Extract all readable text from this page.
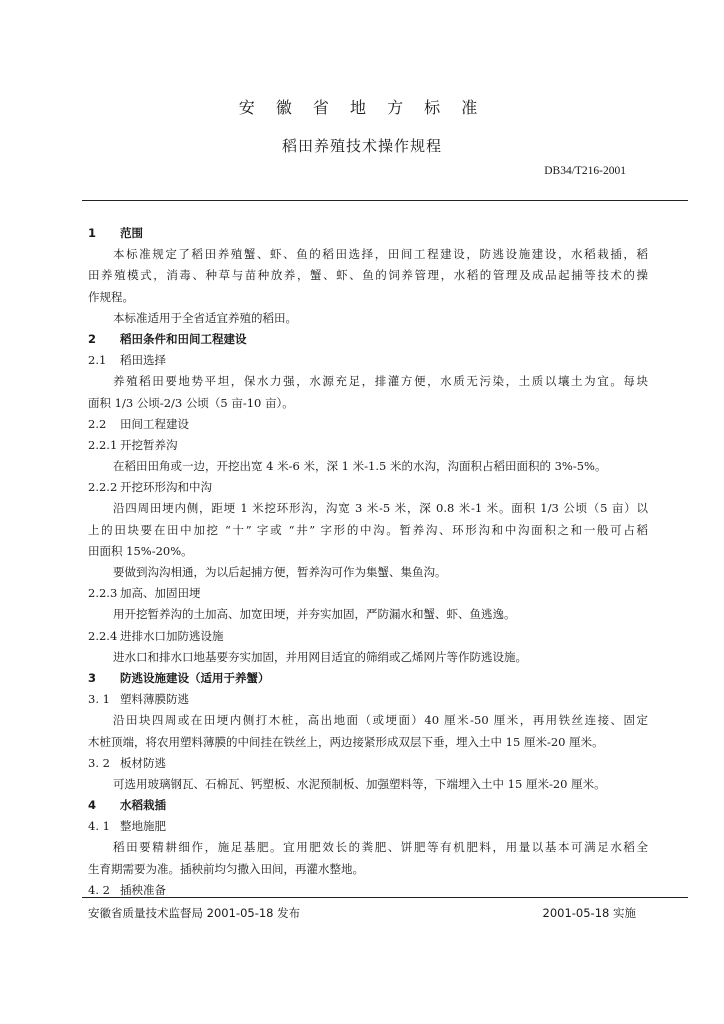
安 徽 省 地 方 标 准
稻田养殖技术操作规程
DB34/T216-2001
1 范围
本标准规定了稻田养殖蟹、虾、鱼的稻田选择，田间工程建设，防逃设施建设，水稻栽插，稻
田养殖模式，消毒、种草与苗种放养，蟹、虾、鱼的饲养管理，水稻的管理及成品起捕等技术的操
作规程。
本标准适用于全省适宜养殖的稻田。
2 稻田条件和田间工程建设
2.1 稻田选择
养殖稻田要地势平坦，保水力强，水源充足，排灌方便，水质无污染，土质以壤土为宜。每块
面积 1/3 公顷-2/3 公顷（5 亩-10 亩）。
2.2 田间工程建设
2.2.1 开挖暂养沟
在稻田田角或一边，开挖出宽 4 米-6 米，深 1 米-1.5 米的水沟，沟面积占稻田面积的 3%-5%。
2.2.2 开挖环形沟和中沟
沿四周田埂内侧，距埂 1 米挖环形沟，沟宽 3 米-5 米，深 0.8 米-1 米。面积 1/3 公顷（5 亩）以
上的田块要在田中加挖 “十” 字或 “井” 字形的中沟。暂养沟、环形沟和中沟面积之和一般可占稻
田面积 15%-20%。
要做到沟沟相通，为以后起捕方便，暂养沟可作为集蟹、集鱼沟。
2.2.3 加高、加固田埂
用开挖暂养沟的土加高、加宽田埂，并夯实加固，严防漏水和蟹、虾、鱼逃逸。
2.2.4 进排水口加防逃设施
进水口和排水口地基要夯实加固，并用网目适宜的筛绢或乙烯网片等作防逃设施。
3 防逃设施建设（适用于养蟹）
3. 1 塑料薄膜防逃
沿田块四周或在田埂内侧打木桩，高出地面（或埂面）40 厘米-50 厘米，再用铁丝连接、固定
木桩顶端，将农用塑料薄膜的中间挂在铁丝上，两边接紧形成双层下垂，埋入土中 15 厘米-20 厘米。
3. 2 板材防逃
可选用玻璃钢瓦、石棉瓦、钙塑板、水泥预制板、加强塑料等，下端埋入土中 15 厘米-20 厘米。
4 水稻栽插
4. 1 整地施肥
稻田要精耕细作，施足基肥。宜用肥效长的粪肥、饼肥等有机肥料，用量以基本可满足水稻全
生育期需要为准。插秧前均匀撒入田间，再灌水整地。
4. 2 插秧准备
安徽省质量技术监督局 2001-05-18 发布	2001-05-18 实施
